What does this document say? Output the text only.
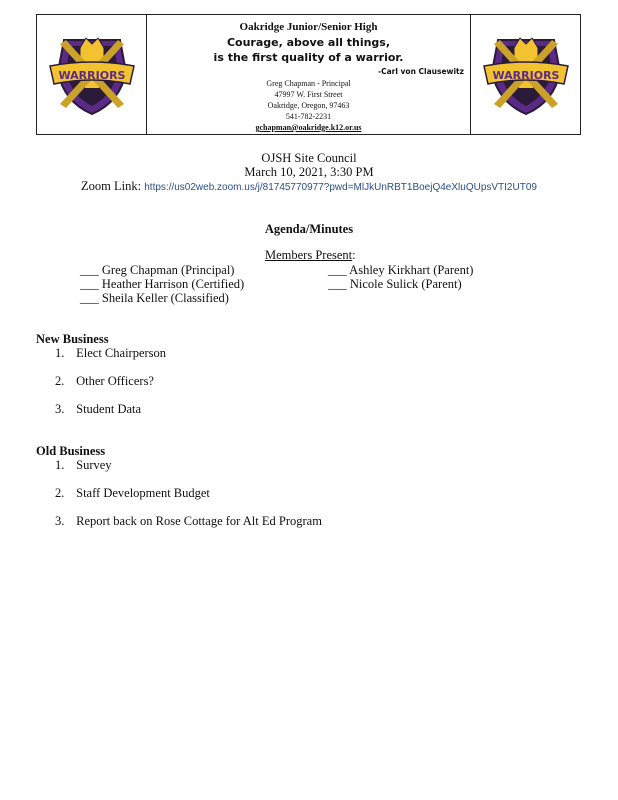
WARRIORS
Oakridge Junior/Senior High
Courage, above all things,
is the first quality of a warrior.
-Carl von Clausewitz
Greg Chapman - Principal
47997 W. First Street
Oakridge, Oregon, 97463
541-782-2231
gchapman@oakridge.k12.or.us
WARRIORS
OJSH Site Council
March 10, 2021, 3:30 PM
Zoom Link: https://us02web.zoom.us/j/81745770977?pwd=MlJkUnRBT1BoejQ4eXluQUpsVTI2UT09
Agenda/Minutes
Members Present:
___ Greg Chapman (Principal)
___ Heather Harrison (Certified)
___ Sheila Keller (Classified)
___ Ashley Kirkhart (Parent)
___ Nicole Sulick (Parent)
New Business
1. Elect Chairperson
2. Other Officers?
3. Student Data
Old Business
1. Survey
2. Staff Development Budget
3. Report back on Rose Cottage for Alt Ed Program
